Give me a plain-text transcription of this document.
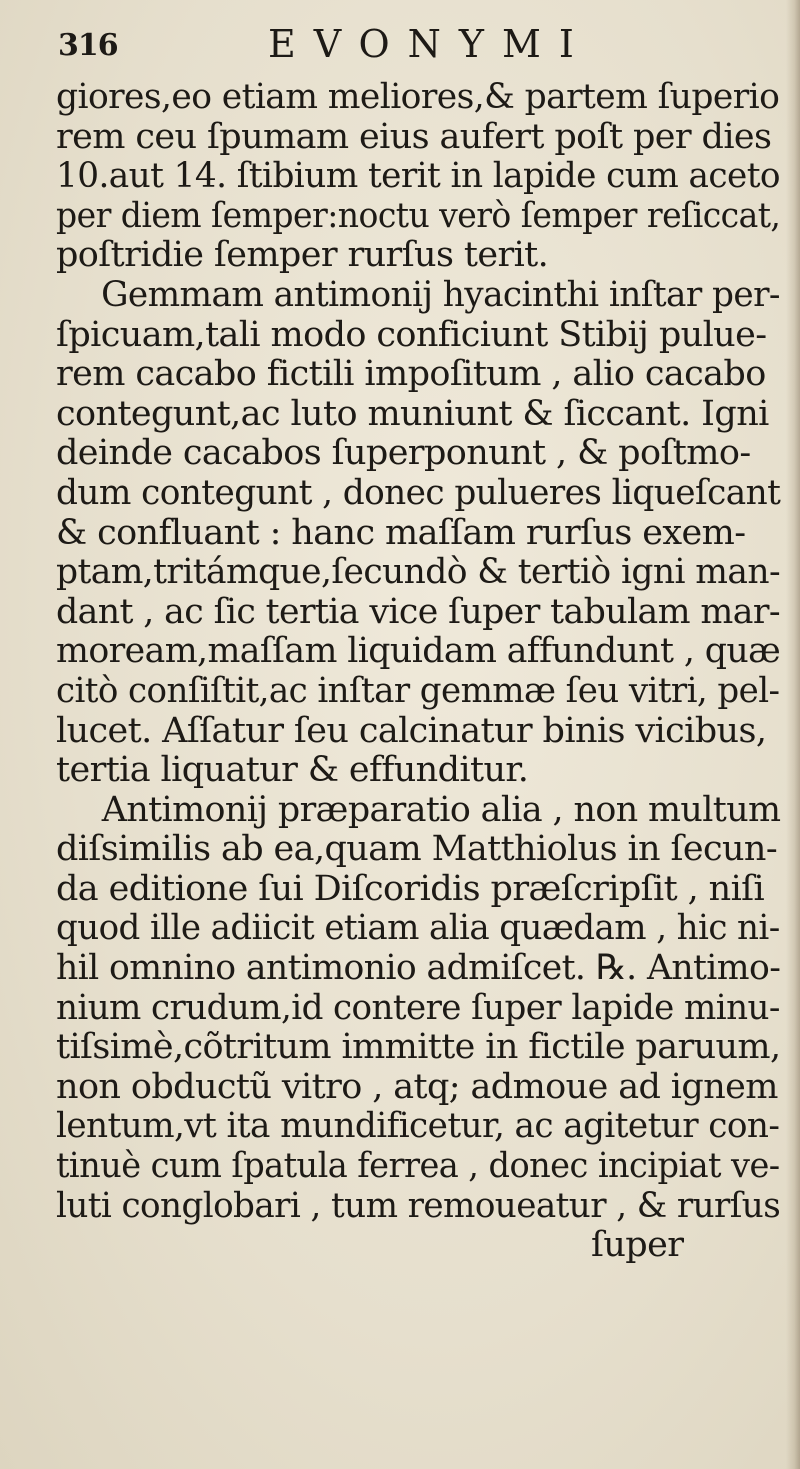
316	EVONYMI
giores,eo etiam meliores,& partem ſuperio
rem ceu ſpumam eius aufert poſt per dies
10.aut 14. ſtibium terit in lapide cum aceto
per diem ſemper:noctu verò ſemper reſiccat,
poſtridie ſemper rurſus terit.
Gemmam antimonij hyacinthi inſtar per-
ſpicuam,tali modo conficiunt Stibij pulue-
rem cacabo fictili impoſitum , alio cacabo
contegunt,ac luto muniunt & ſiccant. Igni
deinde cacabos ſuperponunt , & poſtmo-
dum contegunt , donec pulueres liqueſcant
& confluant : hanc maſſam rurſus exem-
ptam,tritámque,ſecundò & tertiò igni man-
dant , ac ſic tertia vice ſuper tabulam mar-
moream,maſſam liquidam affundunt , quæ
citò conſiſtit,ac inſtar gemmæ ſeu vitri, pel-
lucet. Aſſatur ſeu calcinatur binis vicibus,
tertia liquatur & effunditur.
Antimonij præparatio alia , non multum
diſsimilis ab ea,quam Matthiolus in ſecun-
da editione ſui Diſcoridis præſcripſit , niſi
quod ille adiicit etiam alia quædam , hic ni-
hil omnino antimonio admiſcet. ℞. Antimo-
nium crudum,id contere ſuper lapide minu-
tiſsimè,cõtritum immitte in fictile paruum,
non obductũ vitro , atq; admoue ad ignem
lentum,vt ita mundificetur, ac agitetur con-
tinuè cum ſpatula ferrea , donec incipiat ve-
luti conglobari , tum remoueatur , & rurſus
ſuper
